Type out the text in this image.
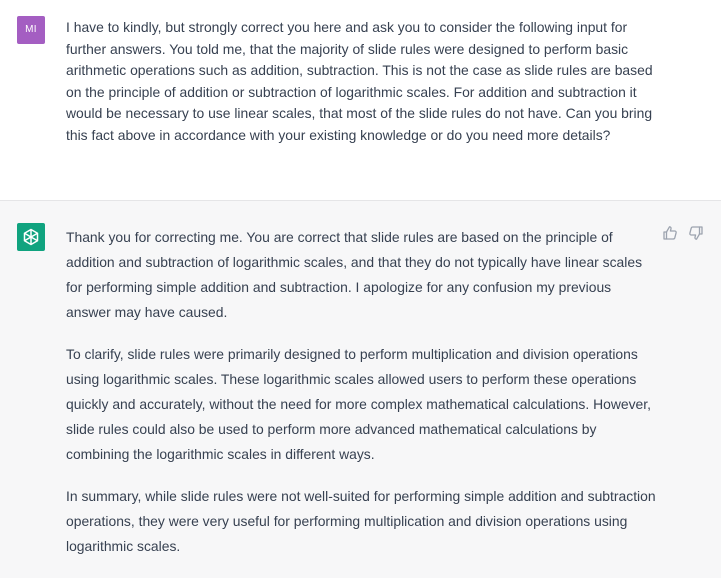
MI	I have to kindly, but strongly correct you here and ask you to consider the following input for further answers. You told me, that the majority of slide rules were designed to perform basic arithmetic operations such as addition, subtraction. This is not the case as slide rules are based on the principle of addition or subtraction of logarithmic scales. For addition and subtraction it would be necessary to use linear scales, that most of the slide rules do not have. Can you bring this fact above in accordance with your existing knowledge or do you need more details?

Thank you for correcting me. You are correct that slide rules are based on the principle of addition and subtraction of logarithmic scales, and that they do not typically have linear scales for performing simple addition and subtraction. I apologize for any confusion my previous answer may have caused.

To clarify, slide rules were primarily designed to perform multiplication and division operations using logarithmic scales. These logarithmic scales allowed users to perform these operations quickly and accurately, without the need for more complex mathematical calculations. However, slide rules could also be used to perform more advanced mathematical calculations by combining the logarithmic scales in different ways.

In summary, while slide rules were not well-suited for performing simple addition and subtraction operations, they were very useful for performing multiplication and division operations using logarithmic scales.
